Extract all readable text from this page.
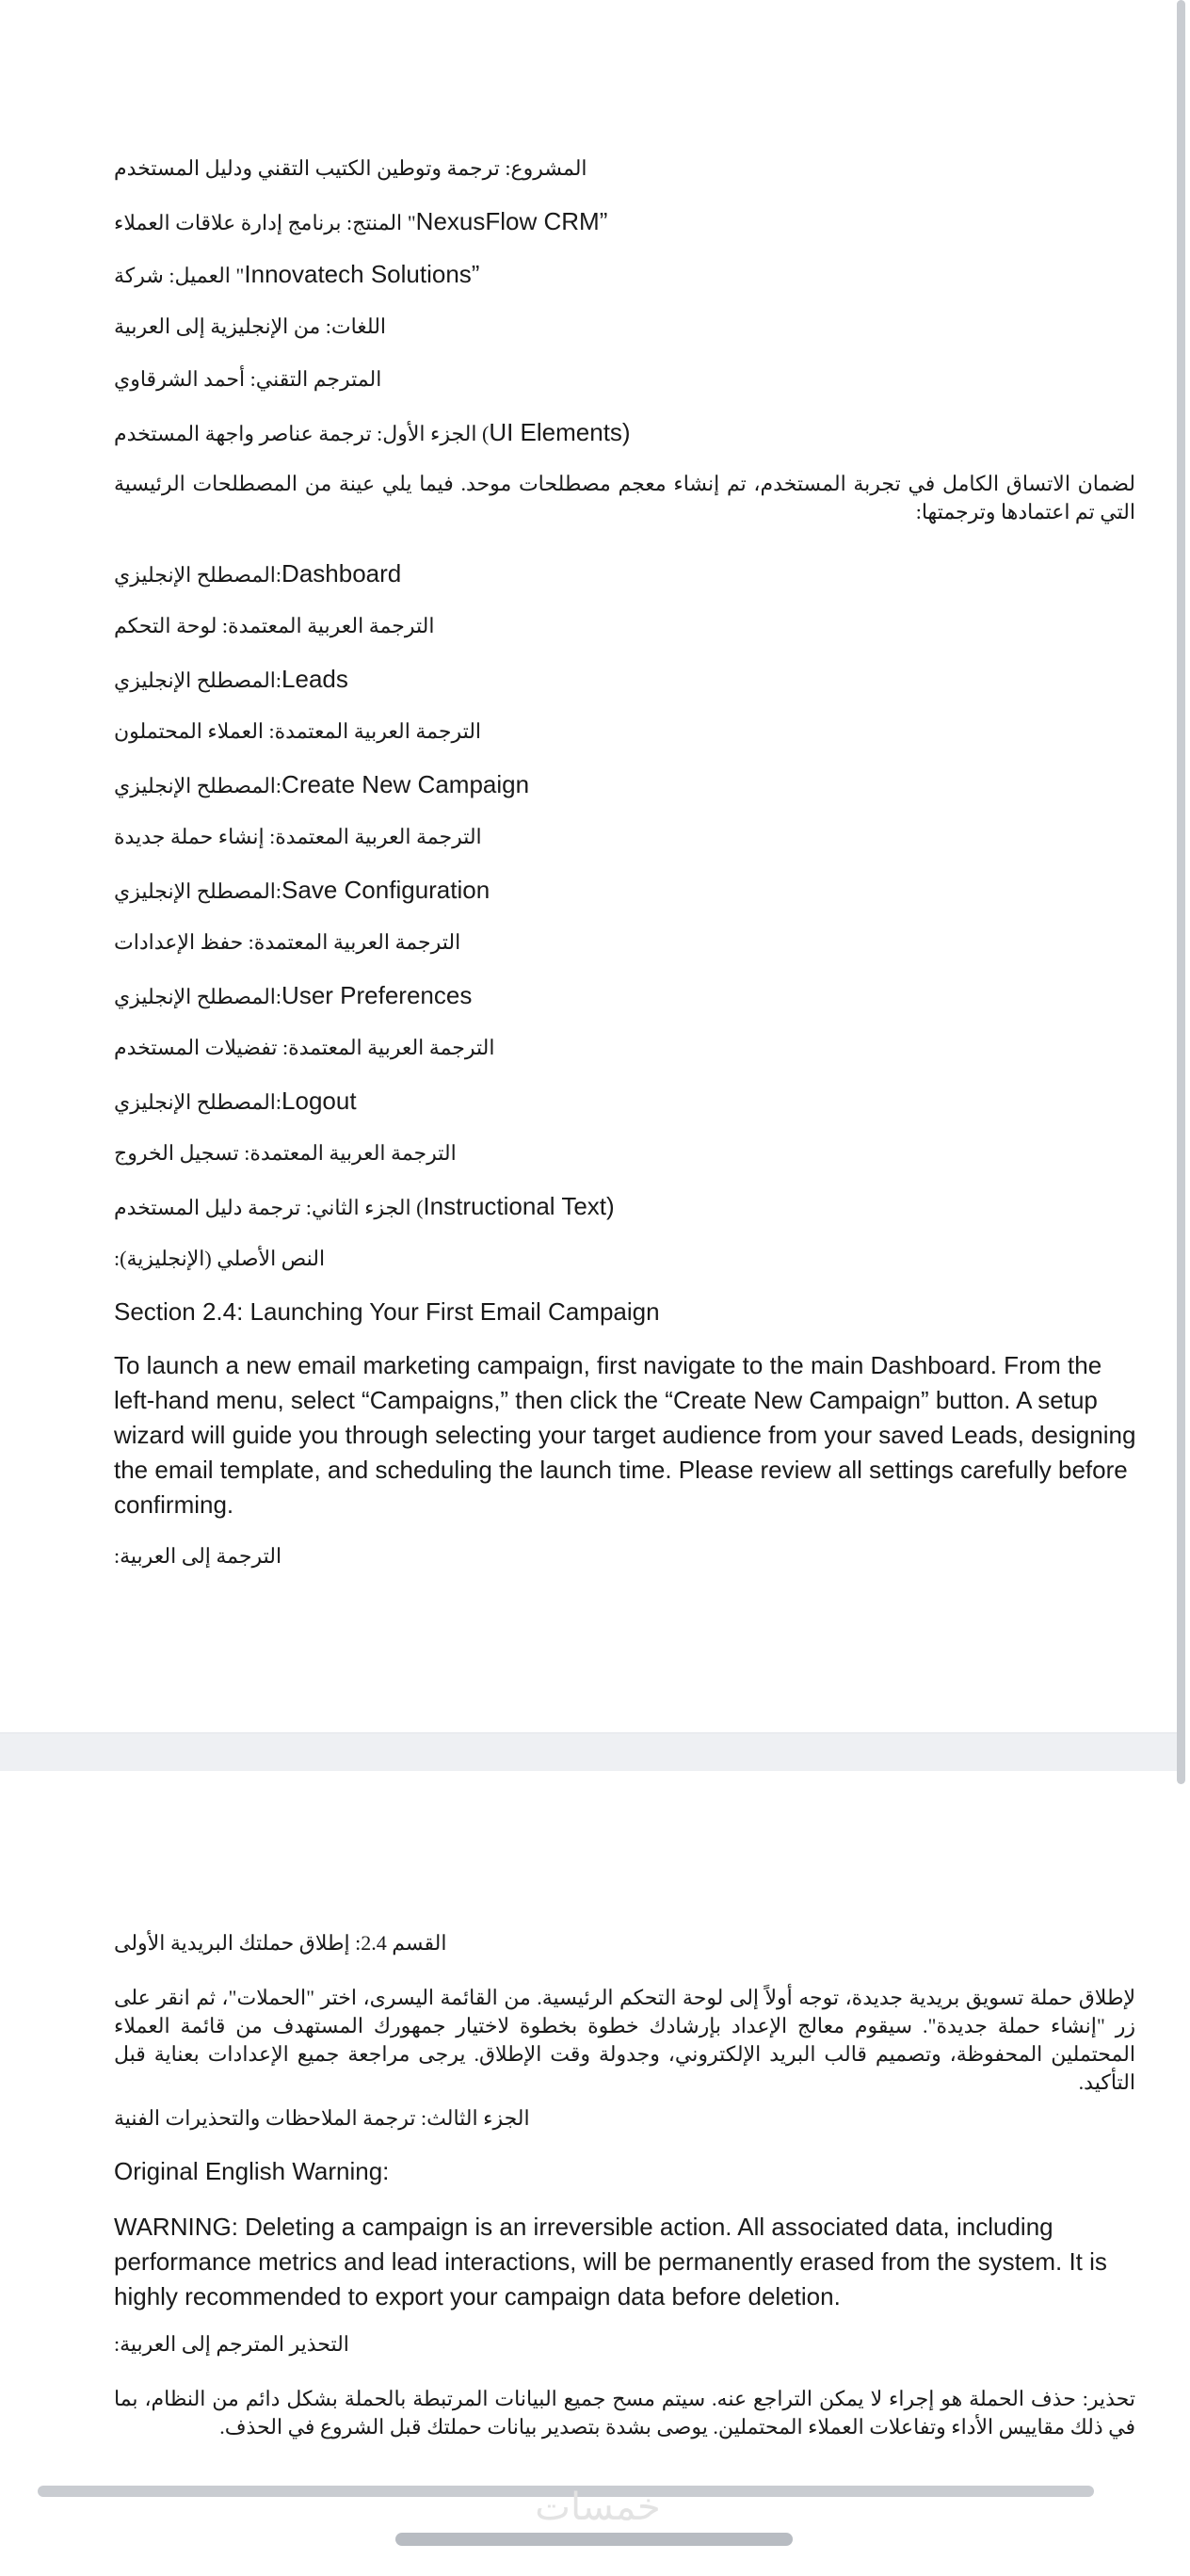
المشروع: ترجمة وتوطين الكتيب التقني ودليل المستخدم

المنتج: برنامج إدارة علاقات العملاء "NexusFlow CRM”

العميل: شركة "Innovatech Solutions”

اللغات: من الإنجليزية إلى العربية

المترجم التقني: أحمد الشرقاوي

الجزء الأول: ترجمة عناصر واجهة المستخدم (UI Elements)

لضمان الاتساق الكامل في تجربة المستخدم، تم إنشاء معجم مصطلحات موحد. فيما يلي عينة من المصطلحات الرئيسية التي تم اعتمادها وترجمتها:

المصطلح الإنجليزي:Dashboard

الترجمة العربية المعتمدة: لوحة التحكم

المصطلح الإنجليزي:Leads

الترجمة العربية المعتمدة: العملاء المحتملون

المصطلح الإنجليزي:Create New Campaign

الترجمة العربية المعتمدة: إنشاء حملة جديدة

المصطلح الإنجليزي:Save Configuration

الترجمة العربية المعتمدة: حفظ الإعدادات

المصطلح الإنجليزي:User Preferences

الترجمة العربية المعتمدة: تفضيلات المستخدم

المصطلح الإنجليزي:Logout

الترجمة العربية المعتمدة: تسجيل الخروج

الجزء الثاني: ترجمة دليل المستخدم (Instructional Text)

النص الأصلي (الإنجليزية):

Section 2.4: Launching Your First Email Campaign

To launch a new email marketing campaign, first navigate to the main Dashboard. From the left-hand menu, select “Campaigns,” then click the “Create New Campaign” button. A setup wizard will guide you through selecting your target audience from your saved Leads, designing the email template, and scheduling the launch time. Please review all settings carefully before confirming.

الترجمة إلى العربية:

القسم 2.4: إطلاق حملتك البريدية الأولى

لإطلاق حملة تسويق بريدية جديدة، توجه أولاً إلى لوحة التحكم الرئيسية. من القائمة اليسرى، اختر "الحملات"، ثم انقر على زر "إنشاء حملة جديدة". سيقوم معالج الإعداد بإرشادك خطوة بخطوة لاختيار جمهورك المستهدف من قائمة العملاء المحتملين المحفوظة، وتصميم قالب البريد الإلكتروني، وجدولة وقت الإطلاق. يرجى مراجعة جميع الإعدادات بعناية قبل التأكيد.

الجزء الثالث: ترجمة الملاحظات والتحذيرات الفنية

Original English Warning:

WARNING: Deleting a campaign is an irreversible action. All associated data, including performance metrics and lead interactions, will be permanently erased from the system. It is highly recommended to export your campaign data before deletion.

التحذير المترجم إلى العربية:

تحذير: حذف الحملة هو إجراء لا يمكن التراجع عنه. سيتم مسح جميع البيانات المرتبطة بالحملة بشكل دائم من النظام، بما في ذلك مقاييس الأداء وتفاعلات العملاء المحتملين. يوصى بشدة بتصدير بيانات حملتك قبل الشروع في الحذف.

خمسات
